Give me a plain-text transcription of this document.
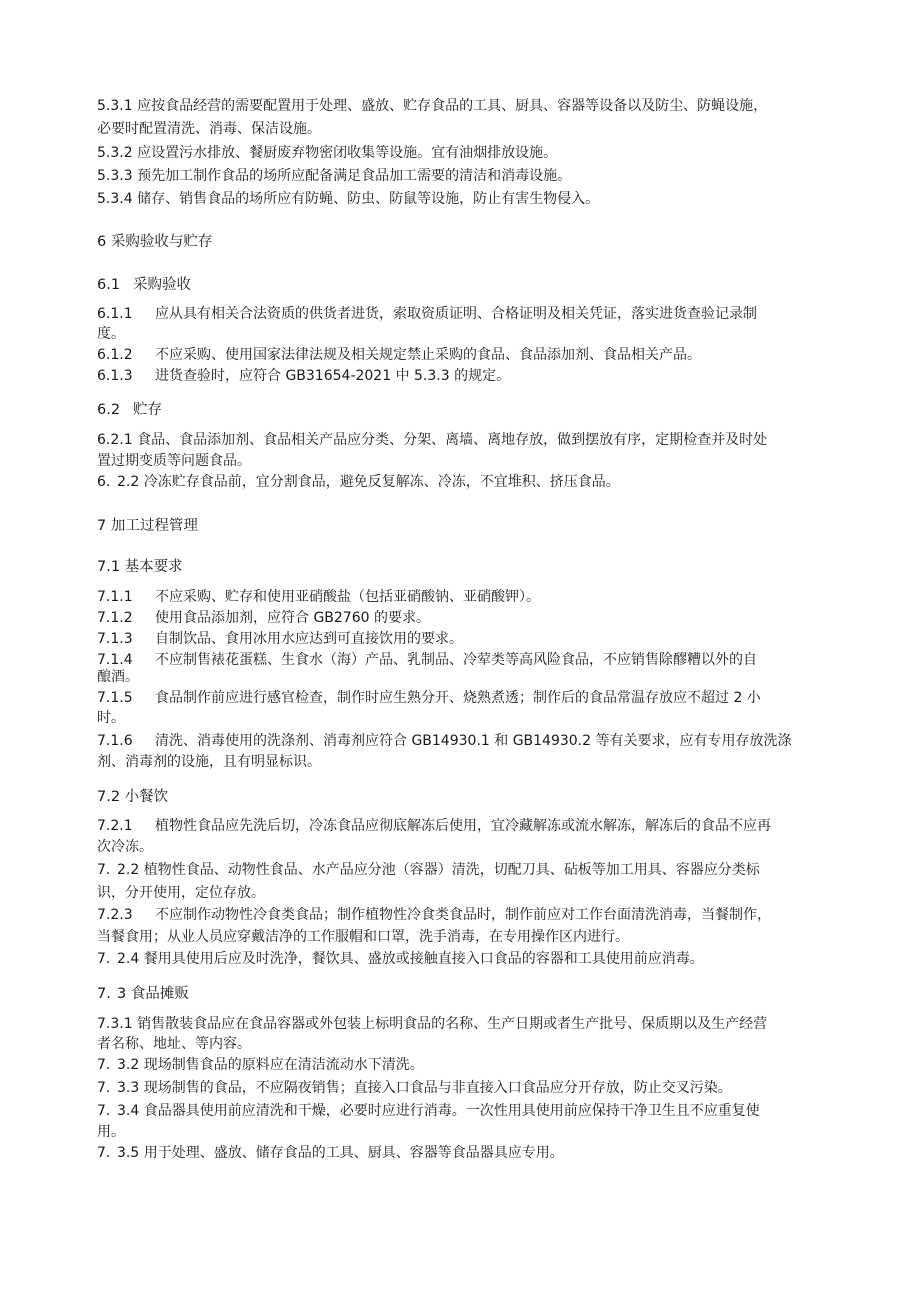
5.3.1 应按食品经营的需要配置用于处理、盛放、贮存食品的工具、厨具、容器等设备以及防尘、防蝇设施，
必要时配置清洗、消毒、保洁设施。
5.3.2 应设置污水排放、餐厨废弃物密闭收集等设施。宜有油烟排放设施。
5.3.3 预先加工制作食品的场所应配备满足食品加工需要的清洁和消毒设施。
5.3.4 储存、销售食品的场所应有防蝇、防虫、防鼠等设施，防止有害生物侵入。
6 采购验收与贮存
6.1 采购验收
6.1.1 应从具有相关合法资质的供货者进货，索取资质证明、合格证明及相关凭证，落实进货查验记录制
度。
6.1.2 不应采购、使用国家法律法规及相关规定禁止采购的食品、食品添加剂、食品相关产品。
6.1.3 进货查验时，应符合 GB31654-2021 中 5.3.3 的规定。
6.2 贮存
6.2.1 食品、食品添加剂、食品相关产品应分类、分架、离墙、离地存放，做到摆放有序，定期检查并及时处
置过期变质等问题食品。
6. 2.2 冷冻贮存食品前，宜分割食品，避免反复解冻、冷冻，不宜堆积、挤压食品。
7 加工过程管理
7.1 基本要求
7.1.1 不应采购、贮存和使用亚硝酸盐（包括亚硝酸钠、亚硝酸钾）。
7.1.2 使用食品添加剂，应符合 GB2760 的要求。
7.1.3 自制饮品、食用冰用水应达到可直接饮用的要求。
7.1.4 不应制售裱花蛋糕、生食水（海）产品、乳制品、冷荤类等高风险食品，不应销售除醪糟以外的自
酿酒。
7.1.5 食品制作前应进行感官检查，制作时应生熟分开、烧熟煮透；制作后的食品常温存放应不超过 2 小
时。
7.1.6 清洗、消毒使用的洗涤剂、消毒剂应符合 GB14930.1 和 GB14930.2 等有关要求，应有专用存放洗涤
剂、消毒剂的设施，且有明显标识。
7.2 小餐饮
7.2.1 植物性食品应先洗后切，冷冻食品应彻底解冻后使用，宜冷藏解冻或流水解冻，解冻后的食品不应再
次冷冻。
7. 2.2 植物性食品、动物性食品、水产品应分池（容器）清洗，切配刀具、砧板等加工用具、容器应分类标
识，分开使用，定位存放。
7.2.3 不应制作动物性冷食类食品；制作植物性冷食类食品时，制作前应对工作台面清洗消毒，当餐制作，
当餐食用；从业人员应穿戴洁净的工作服帽和口罩，洗手消毒，在专用操作区内进行。
7. 2.4 餐用具使用后应及时洗净，餐饮具、盛放或接触直接入口食品的容器和工具使用前应消毒。
7. 3 食品摊贩
7.3.1 销售散装食品应在食品容器或外包装上标明食品的名称、生产日期或者生产批号、保质期以及生产经营
者名称、地址、等内容。
7. 3.2 现场制售食品的原料应在清洁流动水下清洗。
7. 3.3 现场制售的食品，不应隔夜销售；直接入口食品与非直接入口食品应分开存放，防止交叉污染。
7. 3.4 食品器具使用前应清洗和干燥，必要时应进行消毒。一次性用具使用前应保持干净卫生且不应重复使
用。
7. 3.5 用于处理、盛放、储存食品的工具、厨具、容器等食品器具应专用。
